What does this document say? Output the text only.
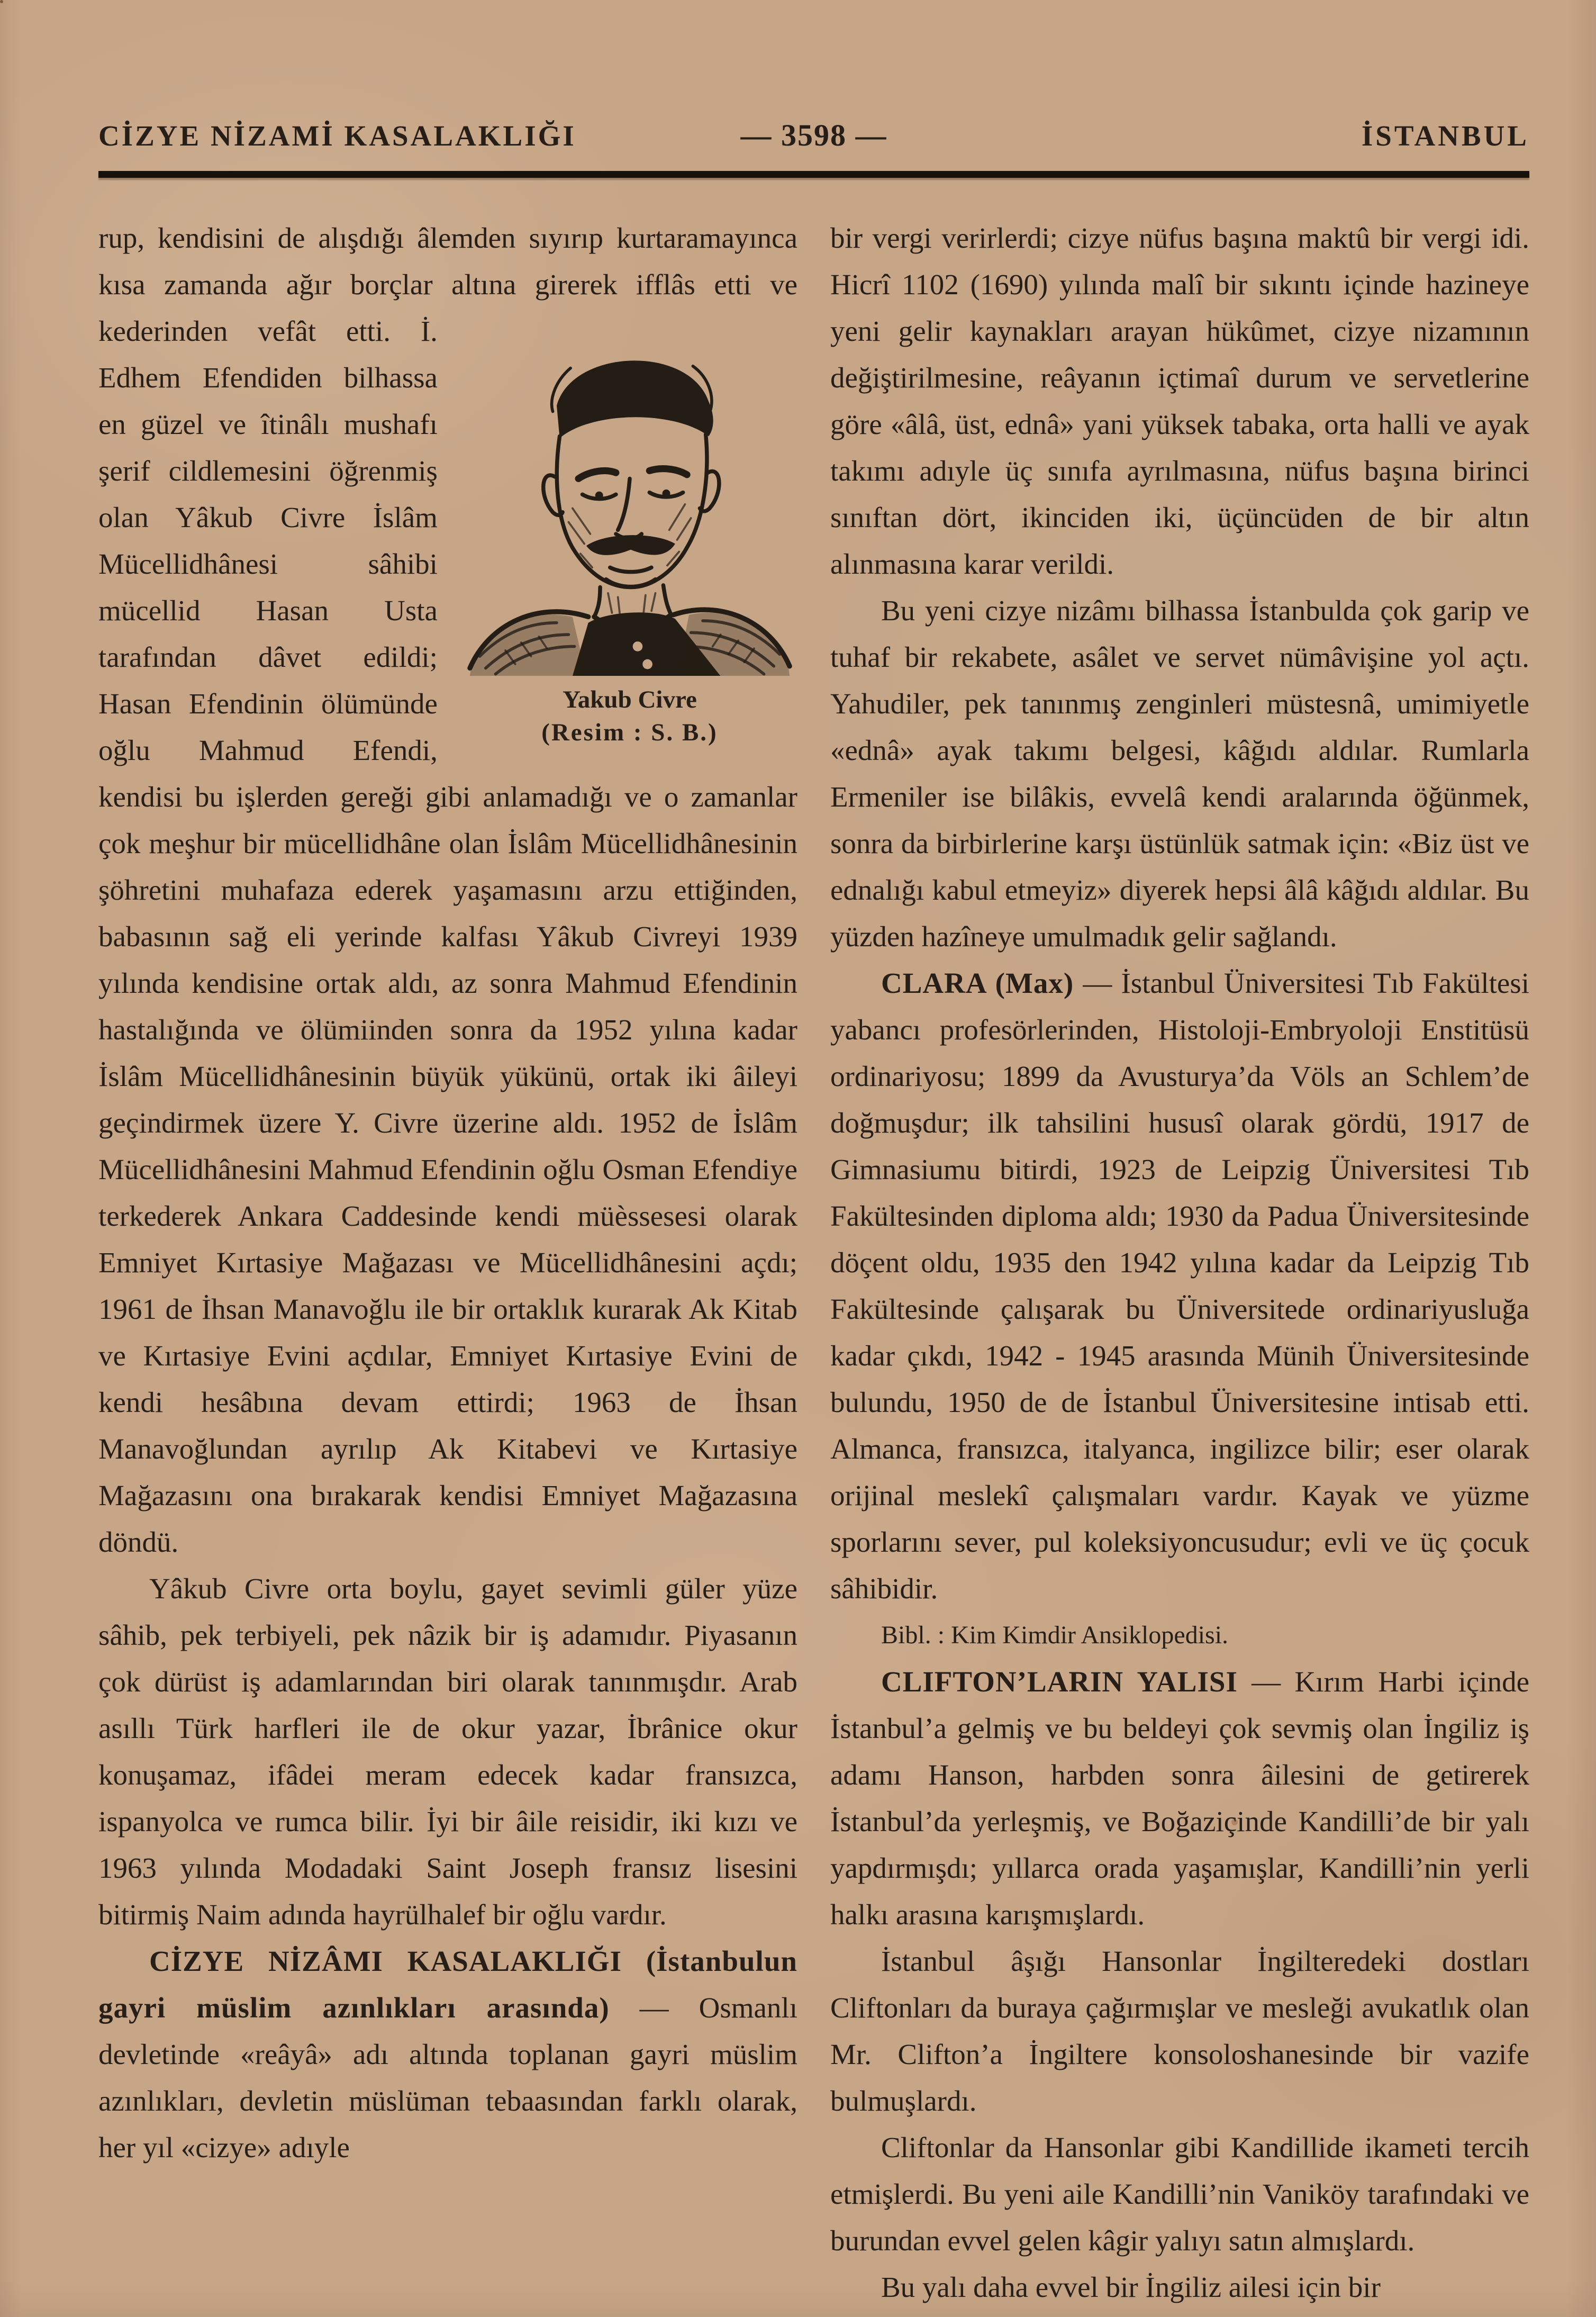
CİZYE NİZAMİ KASALAKLIĞI	— 3598 —	İSTANBUL

rup, kendisini de alışdığı âlemden sıyırıp kurtaramayınca kısa zamanda ağır borçlar altına girerek ifflâs etti ve kederinden vefât etti.
Yakub Civre
(Resim : S. B.)
İ. Edhem Efendiden bilhassa en güzel ve îtinâlı mushafı şerif cildlemesini öğrenmiş olan Yâkub Civre İslâm Mücellidhânesi sâhibi mücellid Hasan Usta tarafından dâvet edildi; Hasan Efendinin ölümünde oğlu Mahmud Efendi, kendisi bu işlerden gereği gibi anlamadığı ve o zamanlar çok meşhur bir mücellidhâne olan İslâm Mücellidhânesinin şöhretini muhafaza ederek yaşamasını arzu ettiğinden, babasının sağ eli yerinde kalfası Yâkub Civreyi 1939 yılında kendisine ortak aldı, az sonra Mahmud Efendinin hastalığında ve ölümiinden sonra da 1952 yılına kadar İslâm Mücellidhânesinin büyük yükünü, ortak iki âileyi geçindirmek üzere Y. Civre üzerine aldı. 1952 de İslâm Mücellidhânesini Mahmud Efendinin oğlu Osman Efendiye terkederek Ankara Caddesinde kendi müèssesesi olarak Emniyet Kırtasiye Mağazası ve Mücellidhânesini açdı; 1961 de İhsan Manavoğlu ile bir ortaklık kurarak Ak Kitab ve Kırtasiye Evini açdılar, Emniyet Kırtasiye Evini de kendi hesâbına devam ettirdi; 1963 de İhsan Manavoğlundan ayrılıp Ak Kitabevi ve Kırtasiye Mağazasını ona bırakarak kendisi Emniyet Mağazasına döndü.

Yâkub Civre orta boylu, gayet sevimli güler yüze sâhib, pek terbiyeli, pek nâzik bir iş adamıdır. Piyasanın çok dürüst iş adamlarından biri olarak tanınmışdır. Arab asıllı Türk harfleri ile de okur yazar, İbrânice okur konuşamaz, ifâdei meram edecek kadar fransızca, ispanyolca ve rumca bilir. İyi bir âile reisidir, iki kızı ve 1963 yılında Modadaki Saint Joseph fransız lisesini bitirmiş Naim adında hayrülhalef bir oğlu vardır.

CİZYE NİZÂMI KASALAKLIĞI (İstanbulun gayri müslim azınlıkları arasında) — Osmanlı devletinde «reâyâ» adı altında toplanan gayri müslim azınlıkları, devletin müslüman tebaasından farklı olarak, her yıl «cizye» adıyle

bir vergi verirlerdi; cizye nüfus başına maktû bir vergi idi. Hicrî 1102 (1690) yılında malî bir sıkıntı içinde hazineye yeni gelir kaynakları arayan hükûmet, cizye nizamının değiştirilmesine, reâyanın içtimaî durum ve servetlerine göre «âlâ, üst, ednâ» yani yüksek tabaka, orta halli ve ayak takımı adıyle üç sınıfa ayrılmasına, nüfus başına birinci sınıftan dört, ikinciden iki, üçüncüden de bir altın alınmasına karar verildi.

Bu yeni cizye nizâmı bilhassa İstanbulda çok garip ve tuhaf bir rekabete, asâlet ve servet nümâvişine yol açtı. Yahudiler, pek tanınmış zenginleri müstesnâ, umimiyetle «ednâ» ayak takımı belgesi, kâğıdı aldılar. Rumlarla Ermeniler ise bilâkis, evvelâ kendi aralarında öğünmek, sonra da birbirlerine karşı üstünlük satmak için: «Biz üst ve ednalığı kabul etmeyiz» diyerek hepsi âlâ kâğıdı aldılar. Bu yüzden hazîneye umulmadık gelir sağlandı.

CLARA (Max) — İstanbul Üniversitesi Tıb Fakültesi yabancı profesörlerinden, Histoloji-Embryoloji Enstitüsü ordinariyosu; 1899 da Avusturya’da Völs an Schlem’de doğmuşdur; ilk tahsilini hususî olarak gördü, 1917 de Gimnasiumu bitirdi, 1923 de Leipzig Üniversitesi Tıb Fakültesinden diploma aldı; 1930 da Padua Üniversitesinde döçent oldu, 1935 den 1942 yılına kadar da Leipzig Tıb Fakültesinde çalışarak bu Üniversitede ordinariyusluğa kadar çıkdı, 1942 - 1945 arasında Münih Üniversitesinde bulundu, 1950 de de İstanbul Üniversitesine intisab etti. Almanca, fransızca, italyanca, ingilizce bilir; eser olarak orijinal meslekî çalışmaları vardır. Kayak ve yüzme sporlarını sever, pul koleksiyoncusudur; evli ve üç çocuk sâhibidir.

Bibl. : Kim Kimdir Ansiklopedisi.

CLIFTON’LARIN YALISI — Kırım Harbi içinde İstanbul’a gelmiş ve bu beldeyi çok sevmiş olan İngiliz iş adamı Hanson, harbden sonra âilesini de getirerek İstanbul’da yerleşmiş, ve Boğaziçinde Kandilli’de bir yalı yapdırmışdı; yıllarca orada yaşamışlar, Kandilli’nin yerli halkı arasına karışmışlardı.

İstanbul âşığı Hansonlar İngilteredeki dostları Cliftonları da buraya çağırmışlar ve mesleği avukatlık olan Mr. Clifton’a İngiltere konsoloshanesinde bir vazife bulmuşlardı.

Cliftonlar da Hansonlar gibi Kandillide ikameti tercih etmişlerdi. Bu yeni aile Kandilli’nin Vaniköy tarafındaki ve burundan evvel gelen kâgir yalıyı satın almışlardı.

Bu yalı daha evvel bir İngiliz ailesi için bir
